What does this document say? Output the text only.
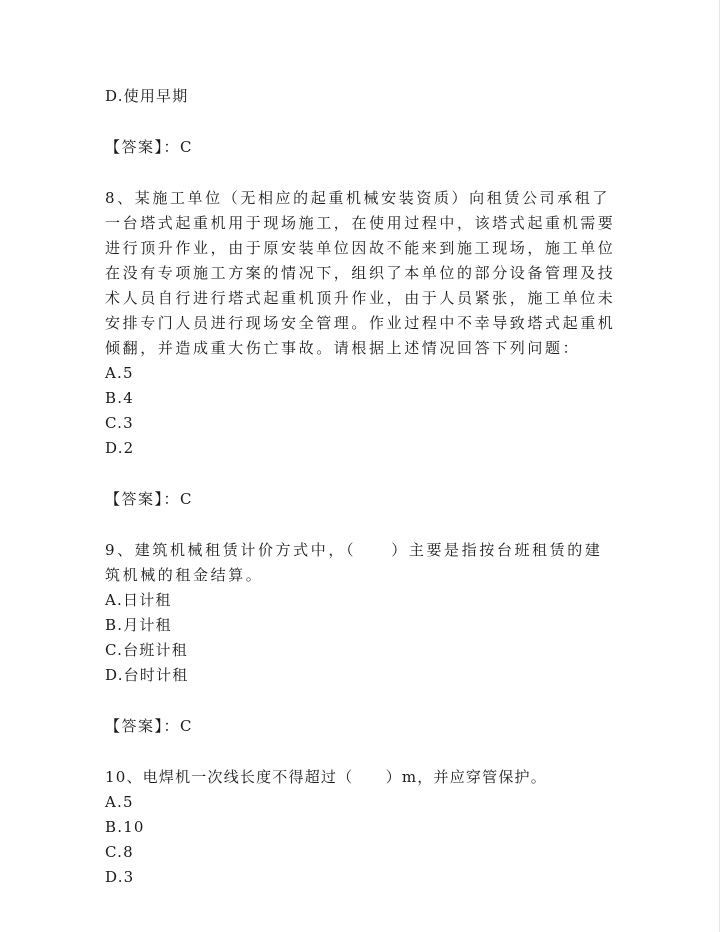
D.使用早期
【答案】：C
8、某施工单位（无相应的起重机械安装资质）向租赁公司承租了一台塔式起重机用于现场施工，在使用过程中，该塔式起重机需要进行顶升作业，由于原安装单位因故不能来到施工现场，施工单位在没有专项施工方案的情况下，组织了本单位的部分设备管理及技术人员自行进行塔式起重机顶升作业，由于人员紧张，施工单位未安排专门人员进行现场安全管理。作业过程中不幸导致塔式起重机倾翻，并造成重大伤亡事故。请根据上述情况回答下列问题：
A.5
B.4
C.3
D.2
【答案】：C
9、建筑机械租赁计价方式中，（　　）主要是指按台班租赁的建筑机械的租金结算。
A.日计租
B.月计租
C.台班计租
D.台时计租
【答案】：C
10、电焊机一次线长度不得超过（　　）m，并应穿管保护。
A.5
B.10
C.8
D.3
